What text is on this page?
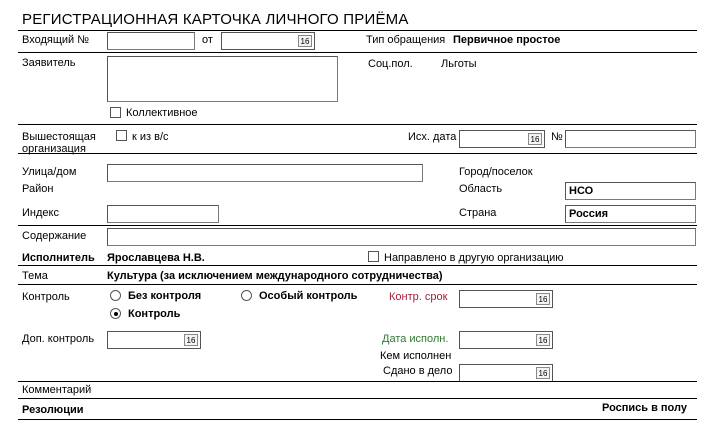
РЕГИСТРАЦИОННАЯ КАРТОЧКА ЛИЧНОГО ПРИЁМА
Входящий №	от	16	Тип обращения Первичное простое
Заявитель	Соц.пол.	Льготы
Коллективное
Вышестоящая
организация
к из в/с	Исх. дата	16 №
Улица/дом	Город/поселок
Район	Область	НСО
Индекс	Страна	Россия
Содержание
Исполнитель Ярославцева Н.В.	Направлено в другую организацию
Тема	Культура (за исключением международного сотрудничества)
Контроль	Без контроля	Особый контроль	Контр. срок	16
Контроль
Доп. контроль	16	Дата исполн.	16
Кем исполнен
Сдано в дело	16
Комментарий
Резолюции	Роспись в полу
